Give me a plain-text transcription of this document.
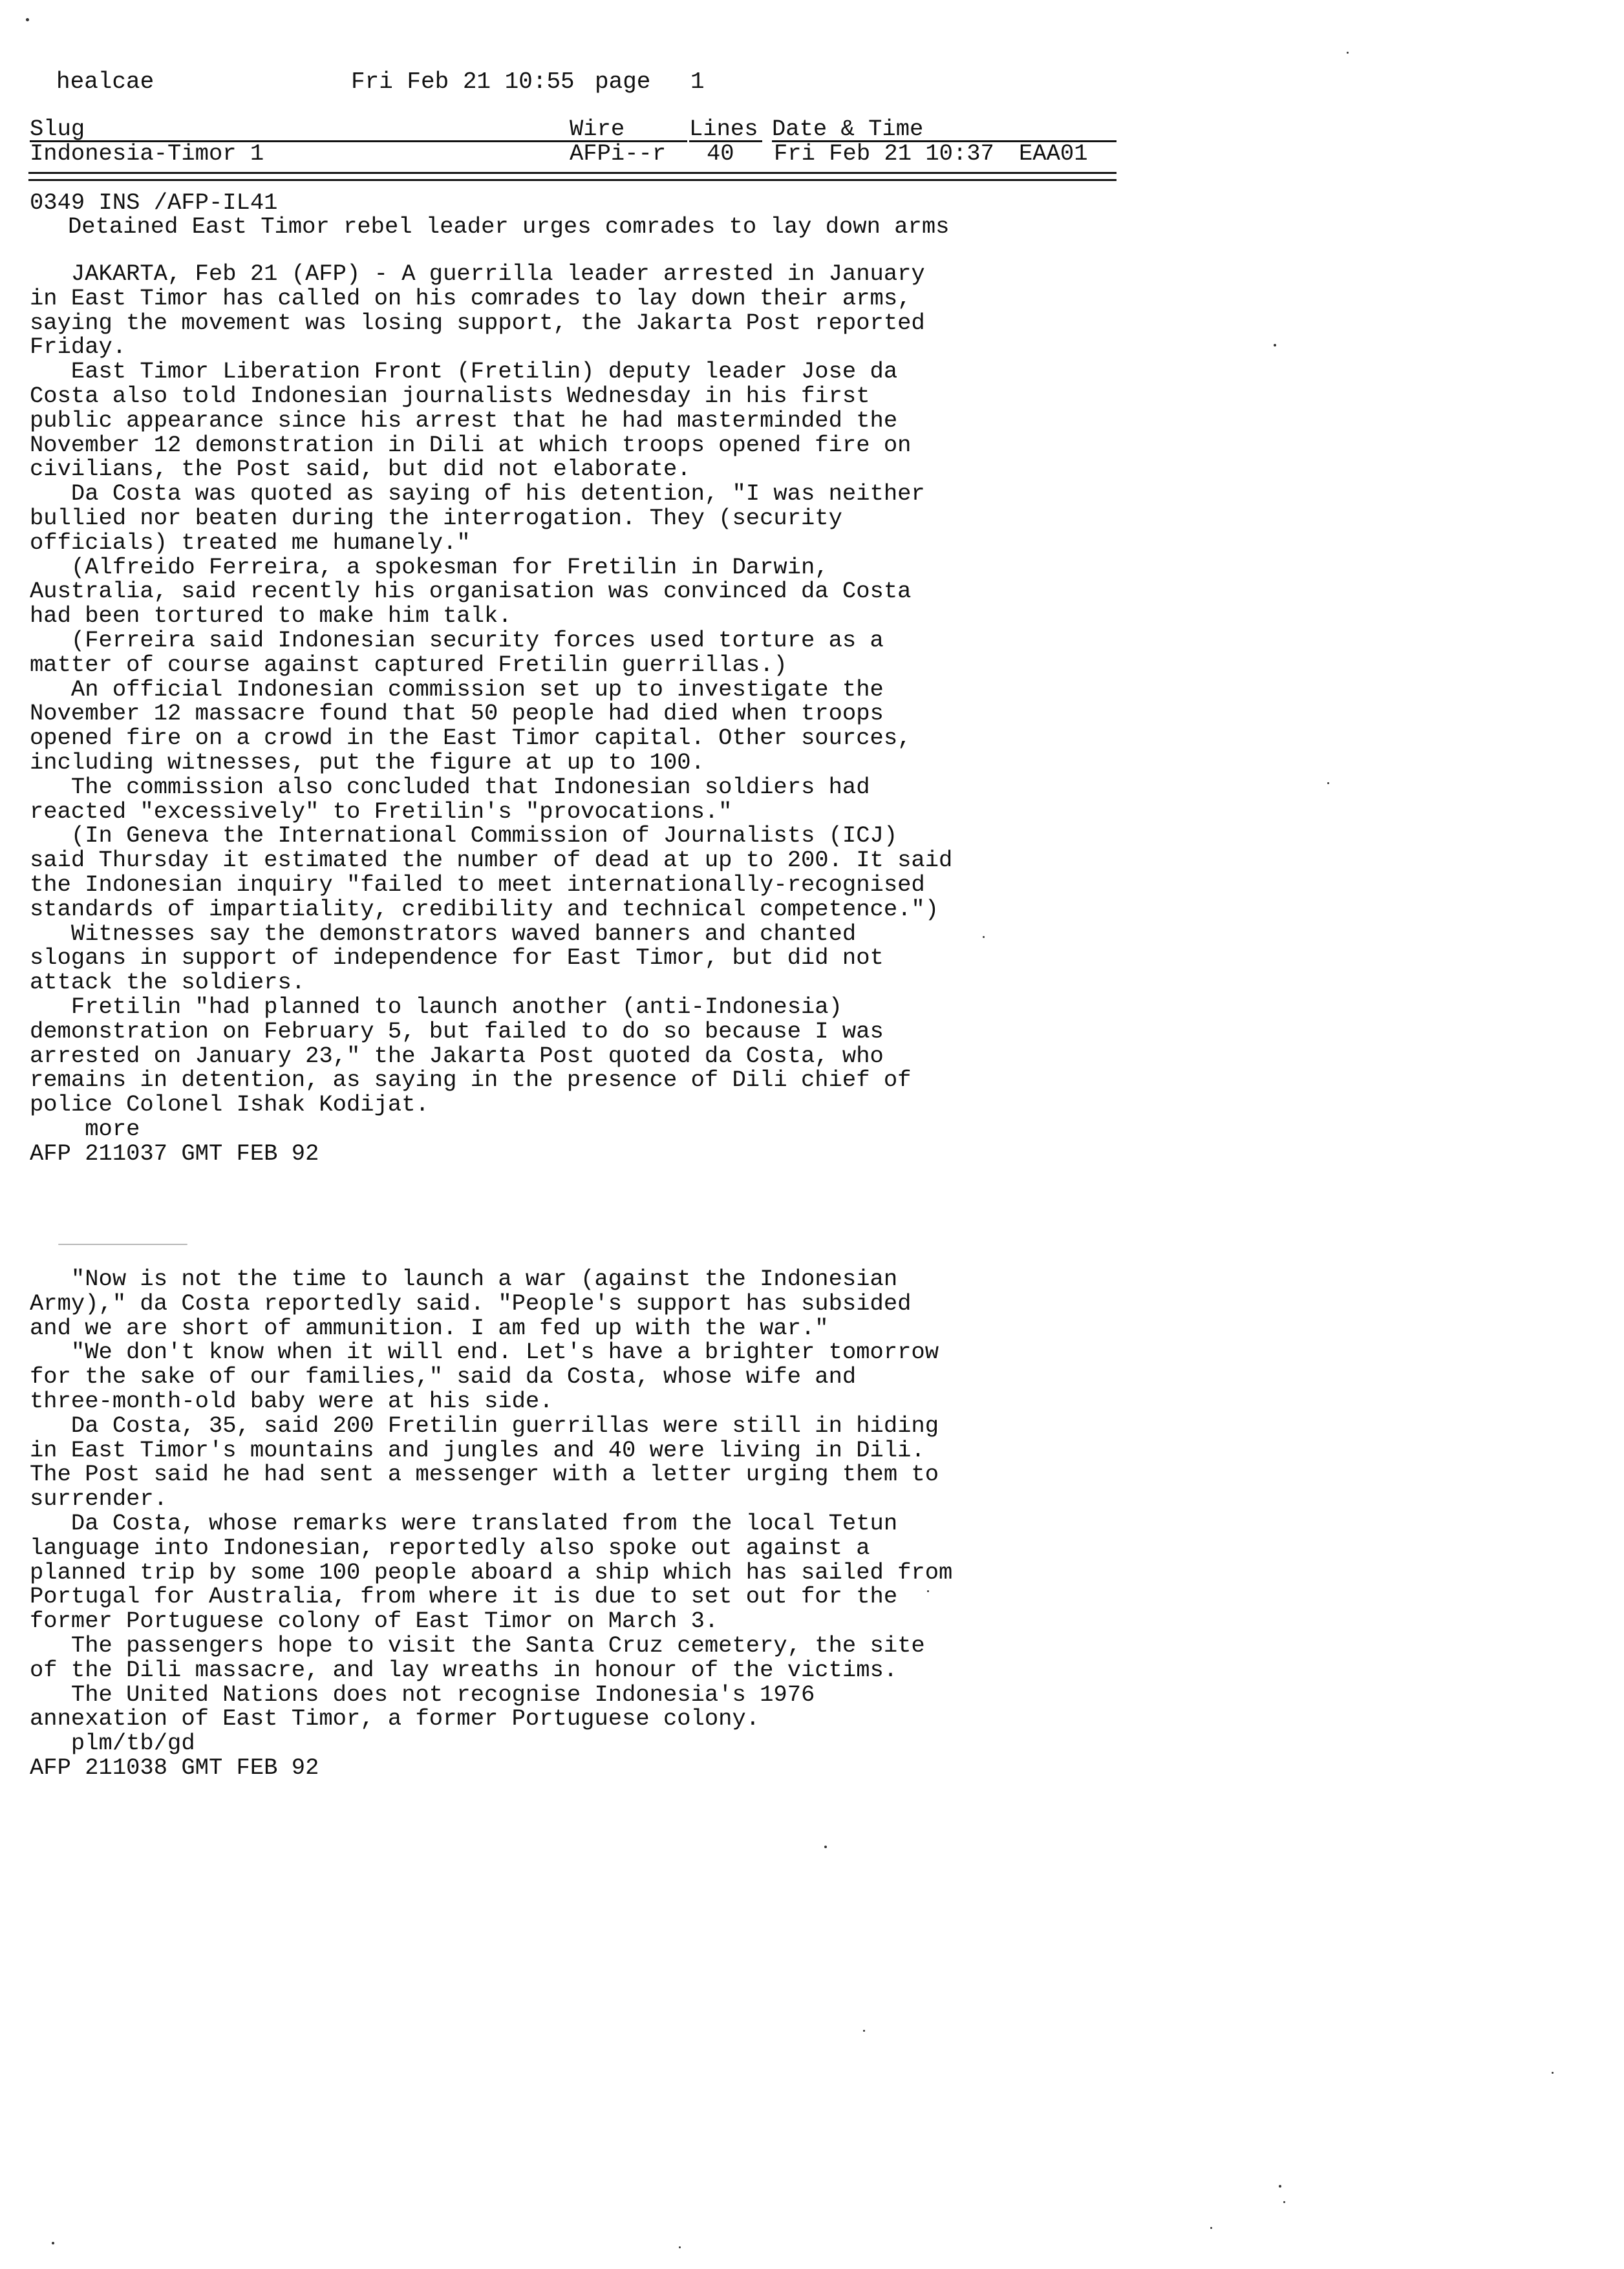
healcae	Fri Feb 21 10:55 page 1
Slug	Wire	Lines Date & Time
Indonesia-Timor 1	AFPi--r 40 Fri Feb 21 10:37 EAA01
0349 INS /AFP-IL41
Detained East Timor rebel leader urges comrades to lay down arms
JAKARTA, Feb 21 (AFP) - A guerrilla leader arrested in January
in East Timor has called on his comrades to lay down their arms,
saying the movement was losing support, the Jakarta Post reported
Friday.
East Timor Liberation Front (Fretilin) deputy leader Jose da
Costa also told Indonesian journalists Wednesday in his first
public appearance since his arrest that he had masterminded the
November 12 demonstration in Dili at which troops opened fire on
civilians, the Post said, but did not elaborate.
Da Costa was quoted as saying of his detention, "I was neither
bullied nor beaten during the interrogation. They (security
officials) treated me humanely."
(Alfreido Ferreira, a spokesman for Fretilin in Darwin,
Australia, said recently his organisation was convinced da Costa
had been tortured to make him talk.
(Ferreira said Indonesian security forces used torture as a
matter of course against captured Fretilin guerrillas.)
An official Indonesian commission set up to investigate the
November 12 massacre found that 50 people had died when troops
opened fire on a crowd in the East Timor capital. Other sources,
including witnesses, put the figure at up to 100.
The commission also concluded that Indonesian soldiers had
reacted "excessively" to Fretilin's "provocations."
(In Geneva the International Commission of Journalists (ICJ)
said Thursday it estimated the number of dead at up to 200. It said
the Indonesian inquiry "failed to meet internationally-recognised
standards of impartiality, credibility and technical competence.")
Witnesses say the demonstrators waved banners and chanted
slogans in support of independence for East Timor, but did not
attack the soldiers.
Fretilin "had planned to launch another (anti-Indonesia)
demonstration on February 5, but failed to do so because I was
arrested on January 23," the Jakarta Post quoted da Costa, who
remains in detention, as saying in the presence of Dili chief of
police Colonel Ishak Kodijat.
more
AFP 211037 GMT FEB 92
"Now is not the time to launch a war (against the Indonesian
Army)," da Costa reportedly said. "People's support has subsided
and we are short of ammunition. I am fed up with the war."
"We don't know when it will end. Let's have a brighter tomorrow
for the sake of our families," said da Costa, whose wife and
three-month-old baby were at his side.
Da Costa, 35, said 200 Fretilin guerrillas were still in hiding
in East Timor's mountains and jungles and 40 were living in Dili.
The Post said he had sent a messenger with a letter urging them to
surrender.
Da Costa, whose remarks were translated from the local Tetun
language into Indonesian, reportedly also spoke out against a
planned trip by some 100 people aboard a ship which has sailed from
Portugal for Australia, from where it is due to set out for the
former Portuguese colony of East Timor on March 3.
The passengers hope to visit the Santa Cruz cemetery, the site
of the Dili massacre, and lay wreaths in honour of the victims.
The United Nations does not recognise Indonesia's 1976
annexation of East Timor, a former Portuguese colony.
plm/tb/gd
AFP 211038 GMT FEB 92
